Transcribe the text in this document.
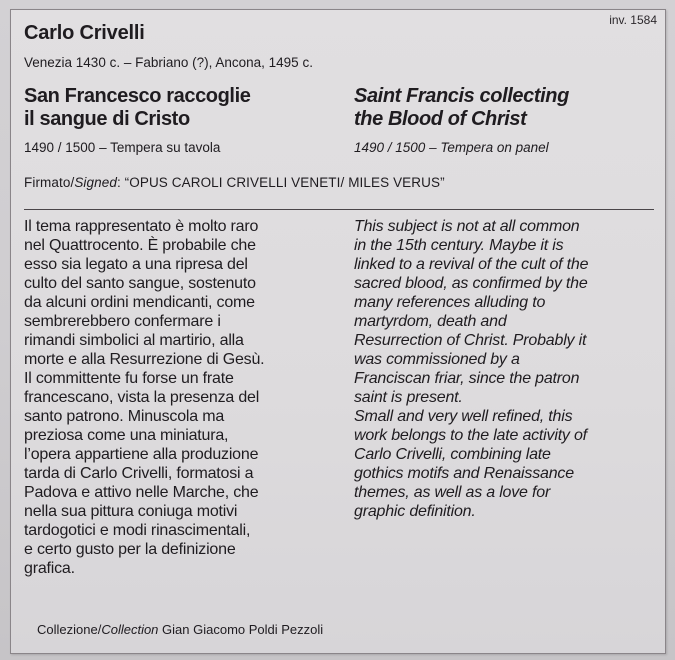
inv. 1584
Carlo Crivelli
Venezia 1430 c. – Fabriano (?), Ancona, 1495 c.
San Francesco raccoglie
il sangue di Cristo
Saint Francis collecting
the Blood of Christ
1490 / 1500 – Tempera su tavola	1490 / 1500 – Tempera on panel
Firmato/Signed: “OPUS CAROLI CRIVELLI VENETI/ MILES VERUS”
Il tema rappresentato è molto raro
nel Quattrocento. È probabile che
esso sia legato a una ripresa del
culto del santo sangue, sostenuto
da alcuni ordini mendicanti, come
sembrerebbero confermare i
rimandi simbolici al martirio, alla
morte e alla Resurrezione di Gesù.
Il committente fu forse un frate
francescano, vista la presenza del
santo patrono. Minuscola ma
preziosa come una miniatura,
l’opera appartiene alla produzione
tarda di Carlo Crivelli, formatosi a
Padova e attivo nelle Marche, che
nella sua pittura coniuga motivi
tardogotici e modi rinascimentali,
e certo gusto per la definizione
grafica.
This subject is not at all common
in the 15th century. Maybe it is
linked to a revival of the cult of the
sacred blood, as confirmed by the
many references alluding to
martyrdom, death and
Resurrection of Christ. Probably it
was commissioned by a
Franciscan friar, since the patron
saint is present.
Small and very well refined, this
work belongs to the late activity of
Carlo Crivelli, combining late
gothics motifs and Renaissance
themes, as well as a love for
graphic definition.
Collezione/Collection Gian Giacomo Poldi Pezzoli
